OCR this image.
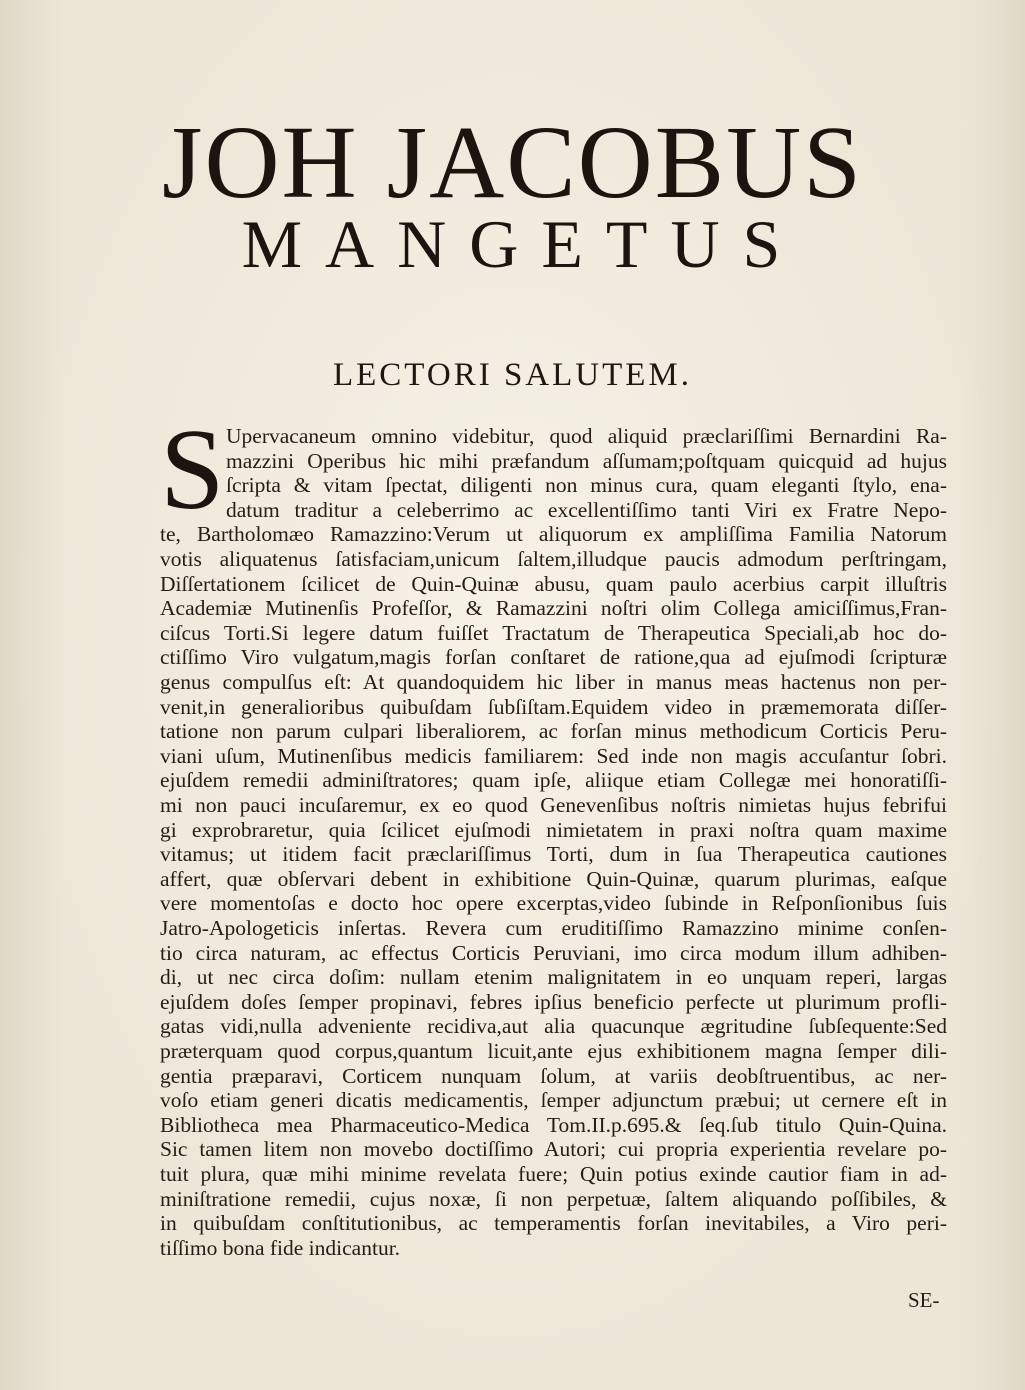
JOH JACOBUS
MANGETUS
LECTORI SALUTEM.
S Upervacaneum omnino videbitur, quod aliquid præclariſſimi Bernardini Ra-
mazzini Operibus hic mihi præfandum aſſumam;poſtquam quicquid ad hujus
ſcripta & vitam ſpectat, diligenti non minus cura, quam eleganti ſtylo, ena-
datum traditur a celeberrimo ac excellentiſſimo tanti Viri ex Fratre Nepo-
te, Bartholomæo Ramazzino:Verum ut aliquorum ex ampliſſima Familia Natorum
votis aliquatenus ſatisfaciam,unicum ſaltem,illudque paucis admodum perſtringam,
Diſſertationem ſcilicet de Quin-Quinæ abusu, quam paulo acerbius carpit illuſtris
Academiæ Mutinenſis Profeſſor, & Ramazzini noſtri olim Collega amiciſſimus,Fran-
ciſcus Torti.Si legere datum fuiſſet Tractatum de Therapeutica Speciali,ab hoc do-
ctiſſimo Viro vulgatum,magis forſan conſtaret de ratione,qua ad ejuſmodi ſcripturæ
genus compulſus eſt: At quandoquidem hic liber in manus meas hactenus non per-
venit,in generalioribus quibuſdam ſubſiſtam.Equidem video in præmemorata diſſer-
tatione non parum culpari liberaliorem, ac forſan minus methodicum Corticis Peru-
viani uſum, Mutinenſibus medicis familiarem: Sed inde non magis accuſantur ſobri.
ejuſdem remedii adminiſtratores; quam ipſe, aliique etiam Collegæ mei honoratiſſi-
mi non pauci incuſaremur, ex eo quod Genevenſibus noſtris nimietas hujus febrifui
gi exprobraretur, quia ſcilicet ejuſmodi nimietatem in praxi noſtra quam maxime
vitamus; ut itidem facit præclariſſimus Torti, dum in ſua Therapeutica cautiones
affert, quæ obſervari debent in exhibitione Quin-Quinæ, quarum plurimas, eaſque
vere momentoſas e docto hoc opere excerptas,video ſubinde in Reſponſionibus ſuis
Jatro-Apologeticis inſertas. Revera cum eruditiſſimo Ramazzino minime conſen-
tio circa naturam, ac effectus Corticis Peruviani, imo circa modum illum adhiben-
di, ut nec circa doſim: nullam etenim malignitatem in eo unquam reperi, largas
ejuſdem doſes ſemper propinavi, febres ipſius beneficio perfecte ut plurimum profli-
gatas vidi,nulla adveniente recidiva,aut alia quacunque ægritudine ſubſequente:Sed
præterquam quod corpus,quantum licuit,ante ejus exhibitionem magna ſemper dili-
gentia præparavi, Corticem nunquam ſolum, at variis deobſtruentibus, ac ner-
voſo etiam generi dicatis medicamentis, ſemper adjunctum præbui; ut cernere eſt in
Bibliotheca mea Pharmaceutico-Medica Tom.II.p.695.& ſeq.ſub titulo Quin-Quina.
Sic tamen litem non movebo doctiſſimo Autori; cui propria experientia revelare po-
tuit plura, quæ mihi minime revelata fuere; Quin potius exinde cautior fiam in ad-
miniſtratione remedii, cujus noxæ, ſi non perpetuæ, ſaltem aliquando poſſibiles, &
in quibuſdam conſtitutionibus, ac temperamentis forſan inevitabiles, a Viro peri-
tiſſimo bona fide indicantur.
SE-
